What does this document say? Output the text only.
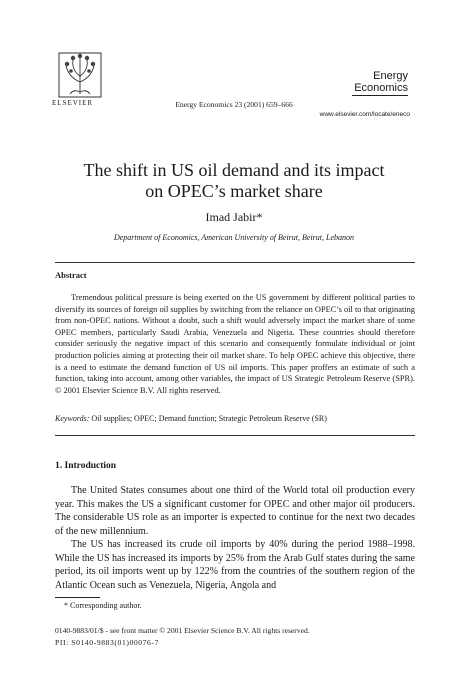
ELSEVIER	Energy Economics 23 (2001) 659–666
Energy
Economics
www.elsevier.com/locate/eneco
The shift in US oil demand and its impact
on OPEC’s market share
Imad Jabir*
Department of Economics, American University of Beirut, Beirut, Lebanon
Abstract
Tremendous political pressure is being exerted on the US government by different political parties to diversify its sources of foreign oil supplies by switching from the reliance on OPEC’s oil to that originating from non-OPEC nations. Without a doubt, such a shift would adversely impact the market share of some OPEC members, particularly Saudi Arabia, Venezuela and Nigeria. These countries should therefore consider seriously the negative impact of this scenario and consequently formulate individual or joint production policies aiming at protecting their oil market share. To help OPEC achieve this objective, there is a need to estimate the demand function of US oil imports. This paper proffers an estimate of such a function, taking into account, among other variables, the impact of US Strategic Petroleum Reserve (SPR). © 2001 Elsevier Science B.V. All rights reserved.
Keywords: Oil supplies; OPEC; Demand function; Strategic Petroleum Reserve (SR)
1. Introduction
The United States consumes about one third of the World total oil production every year. This makes the US a significant customer for OPEC and other major oil producers. The considerable US role as an importer is expected to continue for the next two decades of the new millennium.
The US has increased its crude oil imports by 40% during the period 1988–1998. While the US has increased its imports by 25% from the Arab Gulf states during the same period, its oil imports went up by 122% from the countries of the southern region of the Atlantic Ocean such as Venezuela, Nigeria, Angola and
* Corresponding author.
0140-9883/01/$ - see front matter © 2001 Elsevier Science B.V. All rights reserved.
PII: S0140-9883(01)00076-7
